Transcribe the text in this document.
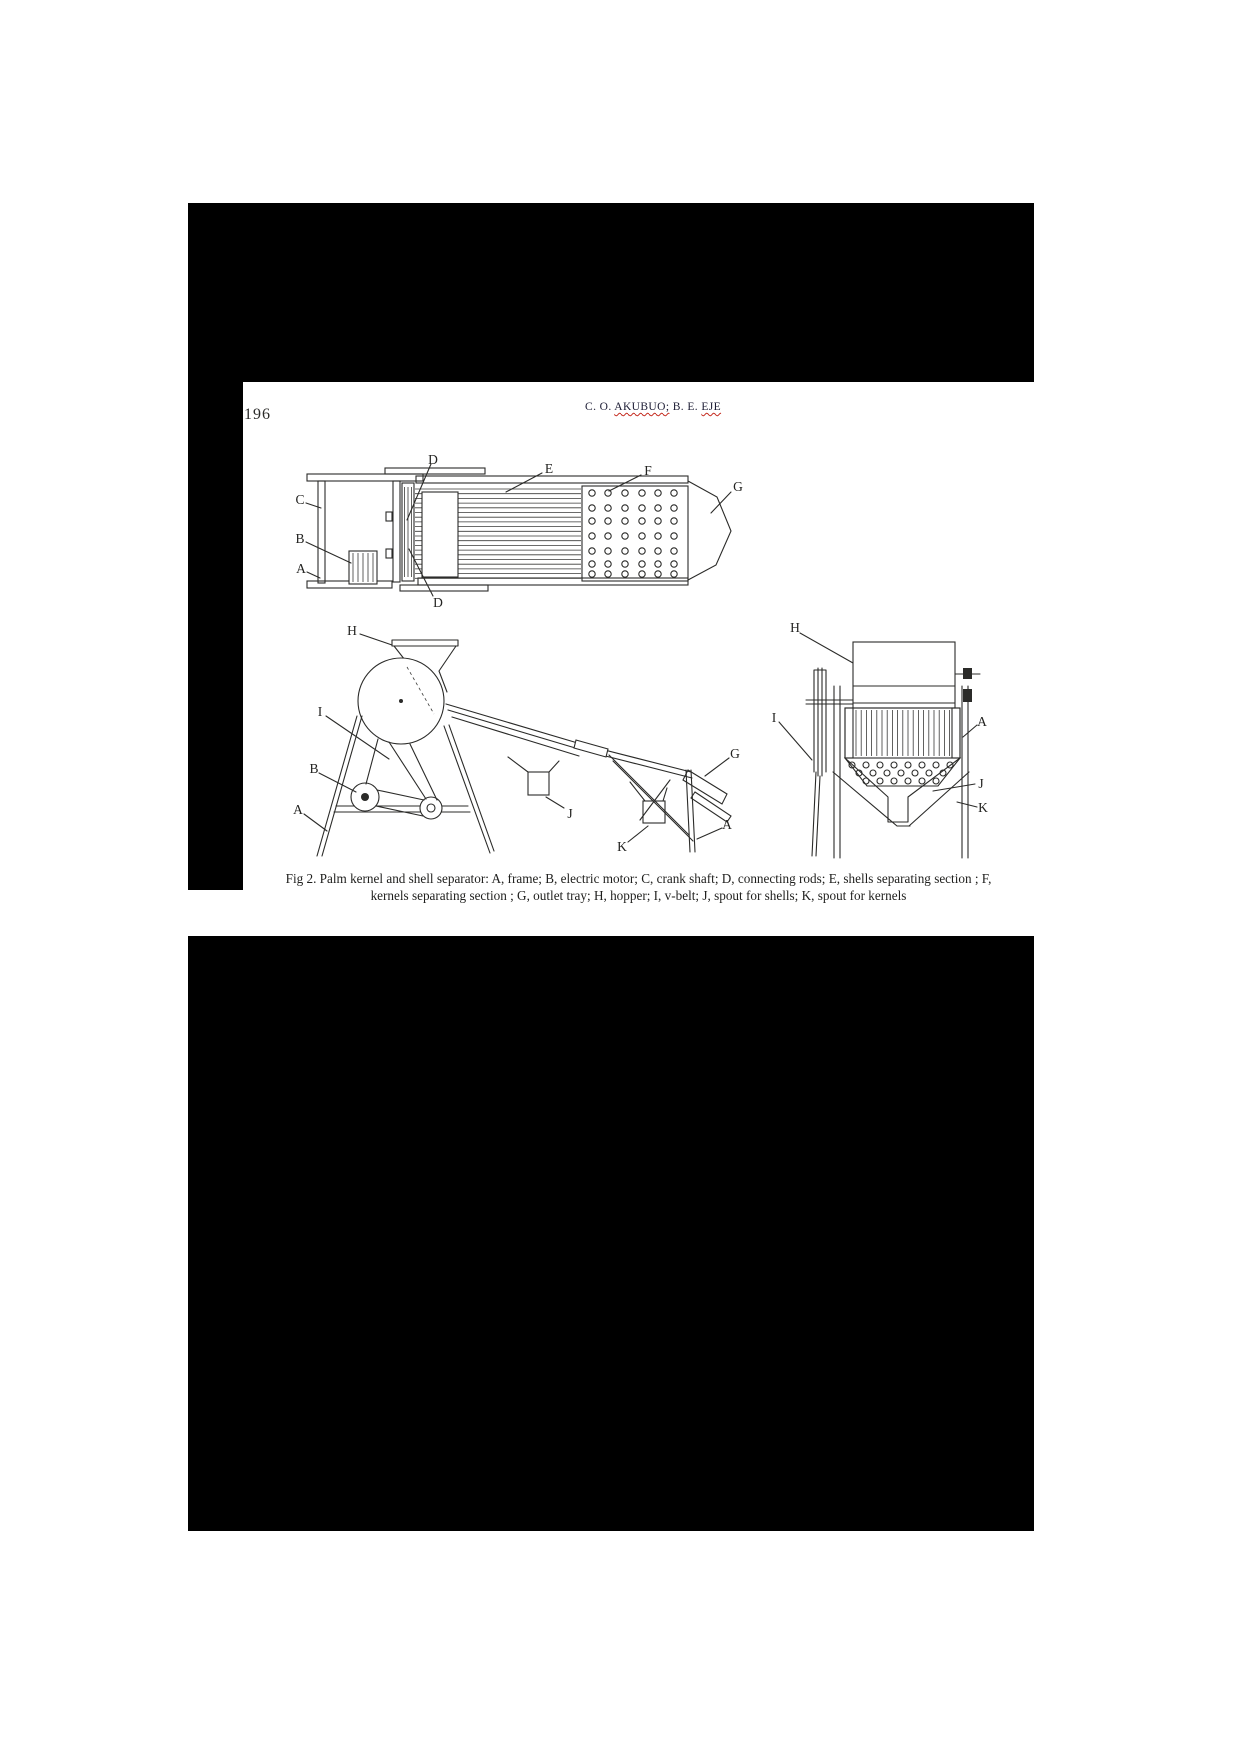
196	C. O. AKUBUO; B. E. EJE
D
E	F
G
C
B
A
D
H
I
B
A	J
K
G
A
H
I	A
J
K
Fig 2. Palm kernel and shell separator: A, frame; B, electric motor; C, crank shaft; D, connecting rods; E, shells separating section ; F,
kernels separating section ; G, outlet tray; H, hopper; I, v-belt; J, spout for shells; K, spout for kernels
